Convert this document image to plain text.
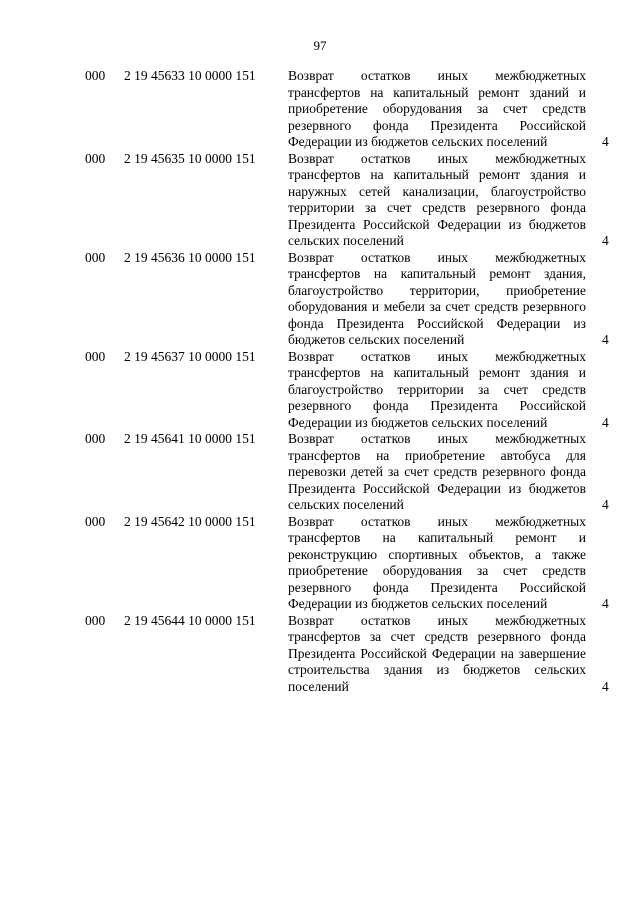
97
000 2 19 45633 10 0000 151 Возврат остатков иных межбюджетных трансфертов на капитальный ремонт зданий и приобретение оборудования за счет средств резервного фонда Президента Российской Федерации из бюджетов сельских поселений	4
000 2 19 45635 10 0000 151 Возврат остатков иных межбюджетных трансфертов на капитальный ремонт здания и наружных сетей канализации, благоустройство территории за счет средств резервного фонда Президента Российской Федерации из бюджетов сельских поселений	4
000 2 19 45636 10 0000 151 Возврат остатков иных межбюджетных трансфертов на капитальный ремонт здания, благоустройство территории, приобретение оборудования и мебели за счет средств резервного фонда Президента Российской Федерации из бюджетов сельских поселений	4
000 2 19 45637 10 0000 151 Возврат остатков иных межбюджетных трансфертов на капитальный ремонт здания и благоустройство территории за счет средств резервного фонда Президента Российской Федерации из бюджетов сельских поселений	4
000 2 19 45641 10 0000 151 Возврат остатков иных межбюджетных трансфертов на приобретение автобуса для перевозки детей за счет средств резервного фонда Президента Российской Федерации из бюджетов сельских поселений	4
000 2 19 45642 10 0000 151 Возврат остатков иных межбюджетных трансфертов на капитальный ремонт и реконструкцию спортивных объектов, а также приобретение оборудования за счет средств резервного фонда Президента Российской Федерации из бюджетов сельских поселений	4
000 2 19 45644 10 0000 151 Возврат остатков иных межбюджетных трансфертов за счет средств резервного фонда Президента Российской Федерации на завершение строительства здания из бюджетов сельских поселений	4
